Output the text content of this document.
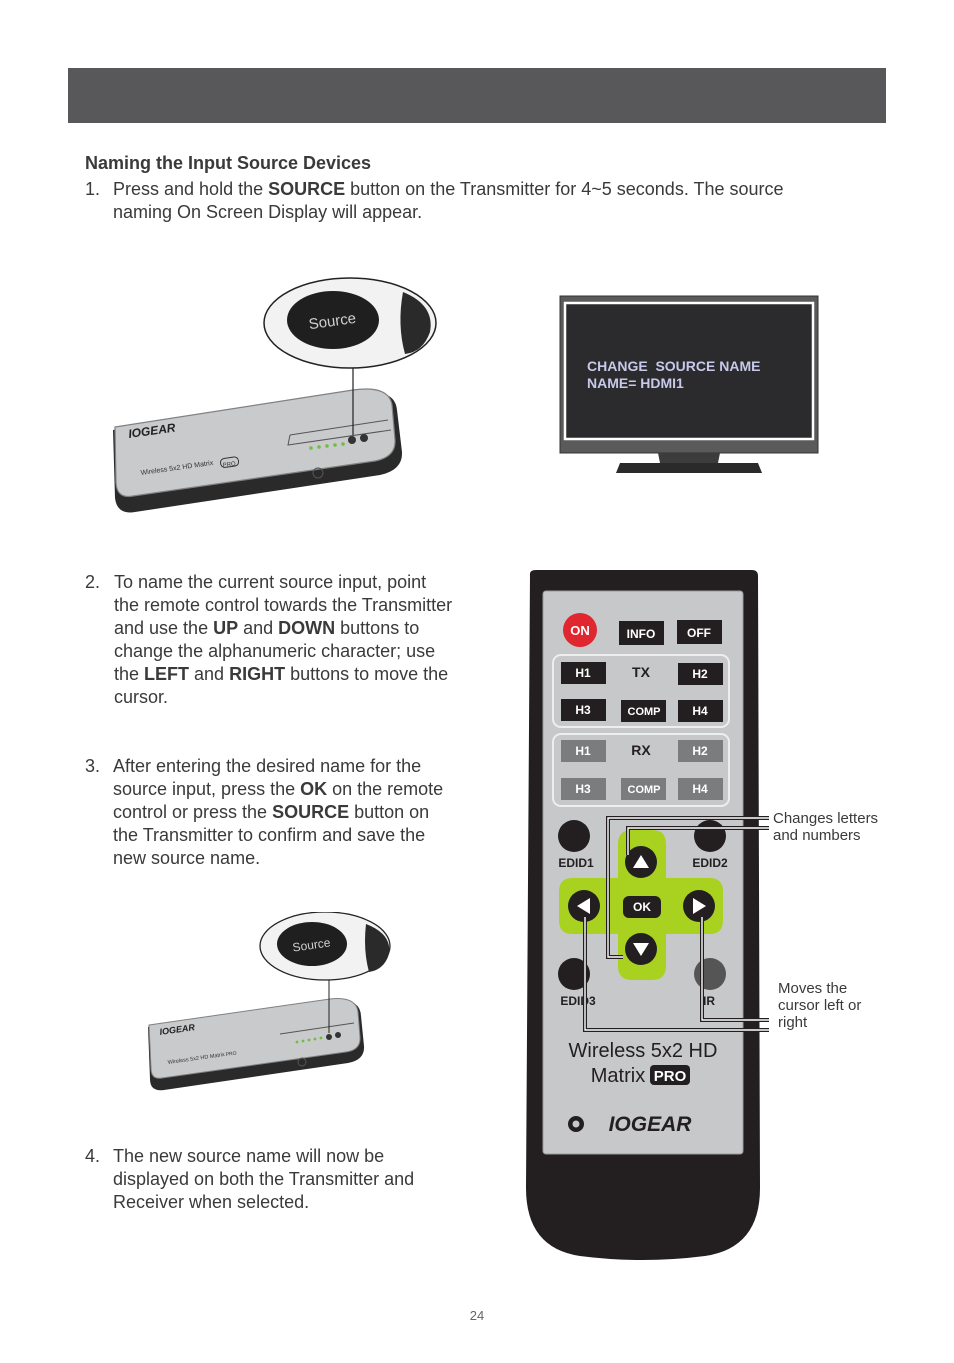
Naming the Input Source Devices
1. Press and hold the SOURCE button on the Transmitter for 4~5 seconds. The source naming On Screen Display will appear.
IOGEAR
Wireless 5x2 HD Matrix PRO
Source
CHANGE  SOURCE NAME
NAME= HDMI1
2. To name the current source input, point the remote control towards the Transmitter and use the UP and DOWN buttons to change the alphanumeric character; use the LEFT and RIGHT buttons to move the cursor.
3. After entering the desired name for the source input, press the OK on the remote control or press the SOURCE button on the Transmitter to confirm and save the new source name.
IOGEAR
Wireless 5x2 HD Matrix PRO
Source
4. The new source name will now be displayed on both the Transmitter and Receiver when selected.
ON	INFO	OFF
H1	TX	H2
H3	COMP	H4
H1	RX	H2
H3	COMP	H4
EDID1	EDID2
EDID3	IR
OK
Wireless 5x2 HD
Matrix PRO
IOGEAR
Changes letters and numbers
Moves the cursor left or right
24
